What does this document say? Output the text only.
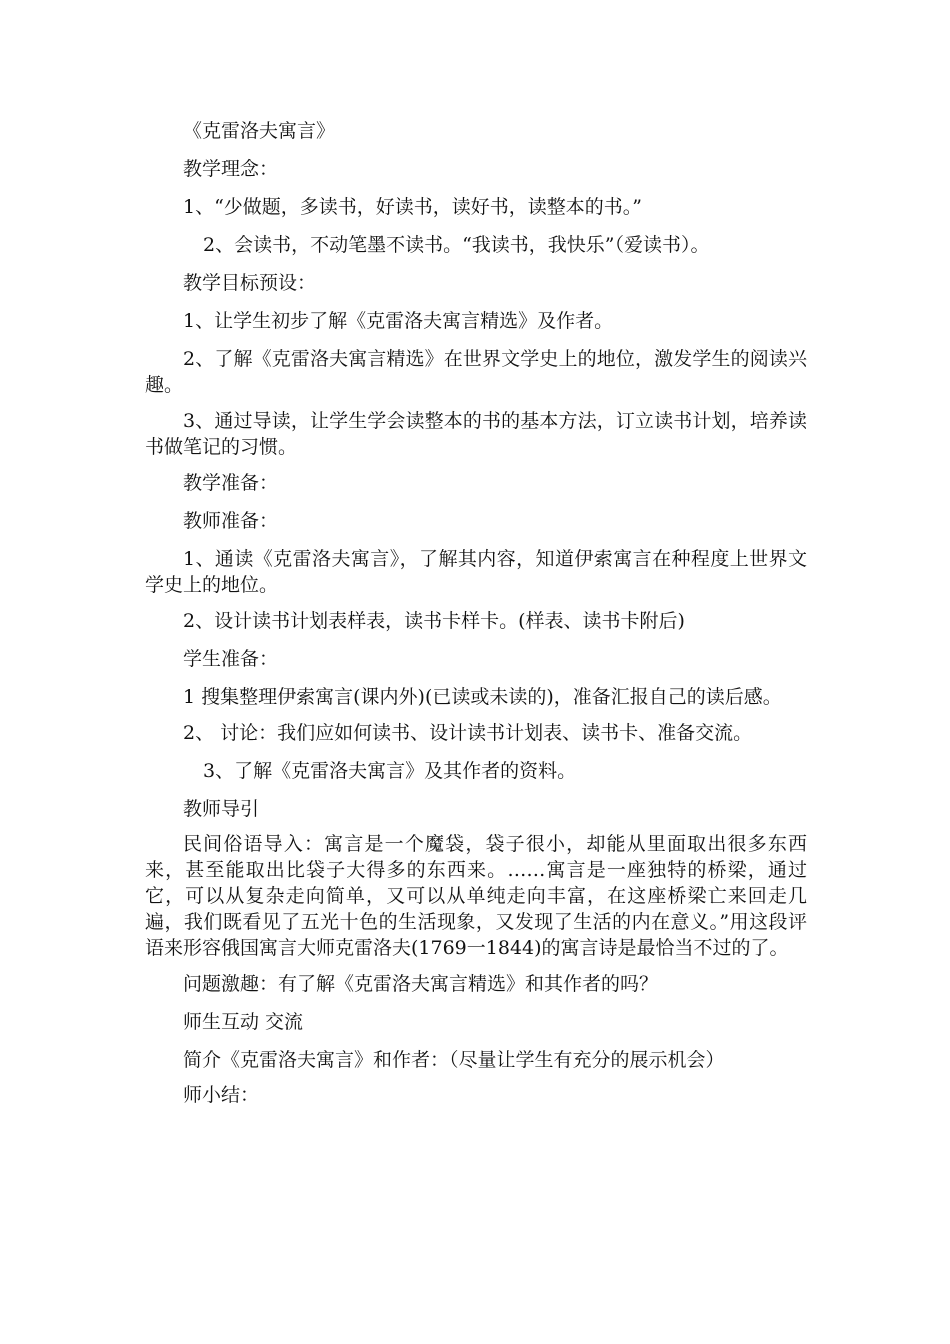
《克雷洛夫寓言》

教学理念：

1、“少做题，多读书，好读书，读好书，读整本的书。”

2、会读书，不动笔墨不读书。“我读书，我快乐”（爱读书）。

教学目标预设：

1、让学生初步了解《克雷洛夫寓言精选》及作者。

2、了解《克雷洛夫寓言精选》在世界文学史上的地位，激发学生的阅读兴趣。

3、通过导读，让学生学会读整本的书的基本方法，订立读书计划，培养读书做笔记的习惯。

教学准备：

教师准备：

1、通读《克雷洛夫寓言》，了解其内容，知道伊索寓言在种程度上世界文学史上的地位。

2、设计读书计划表样表，读书卡样卡。(样表、读书卡附后)

学生准备：

1 搜集整理伊索寓言(课内外)(已读或未读的)，准备汇报自己的读后感。

2、 讨论：我们应如何读书、设计读书计划表、读书卡、准备交流。

3、了解《克雷洛夫寓言》及其作者的资料。

教师导引

民间俗语导入：寓言是一个魔袋，袋子很小，却能从里面取出很多东西来，甚至能取出比袋子大得多的东西来。……寓言是一座独特的桥梁，通过它，可以从复杂走向简单，又可以从单纯走向丰富，在这座桥梁亡来回走几遍，我们既看见了五光十色的生活现象，又发现了生活的内在意义。”用这段评语来形容俄国寓言大师克雷洛夫(1769一1844)的寓言诗是最恰当不过的了。

问题激趣：有了解《克雷洛夫寓言精选》和其作者的吗？

师生互动 交流

简介《克雷洛夫寓言》和作者：（尽量让学生有充分的展示机会）

师小结：
